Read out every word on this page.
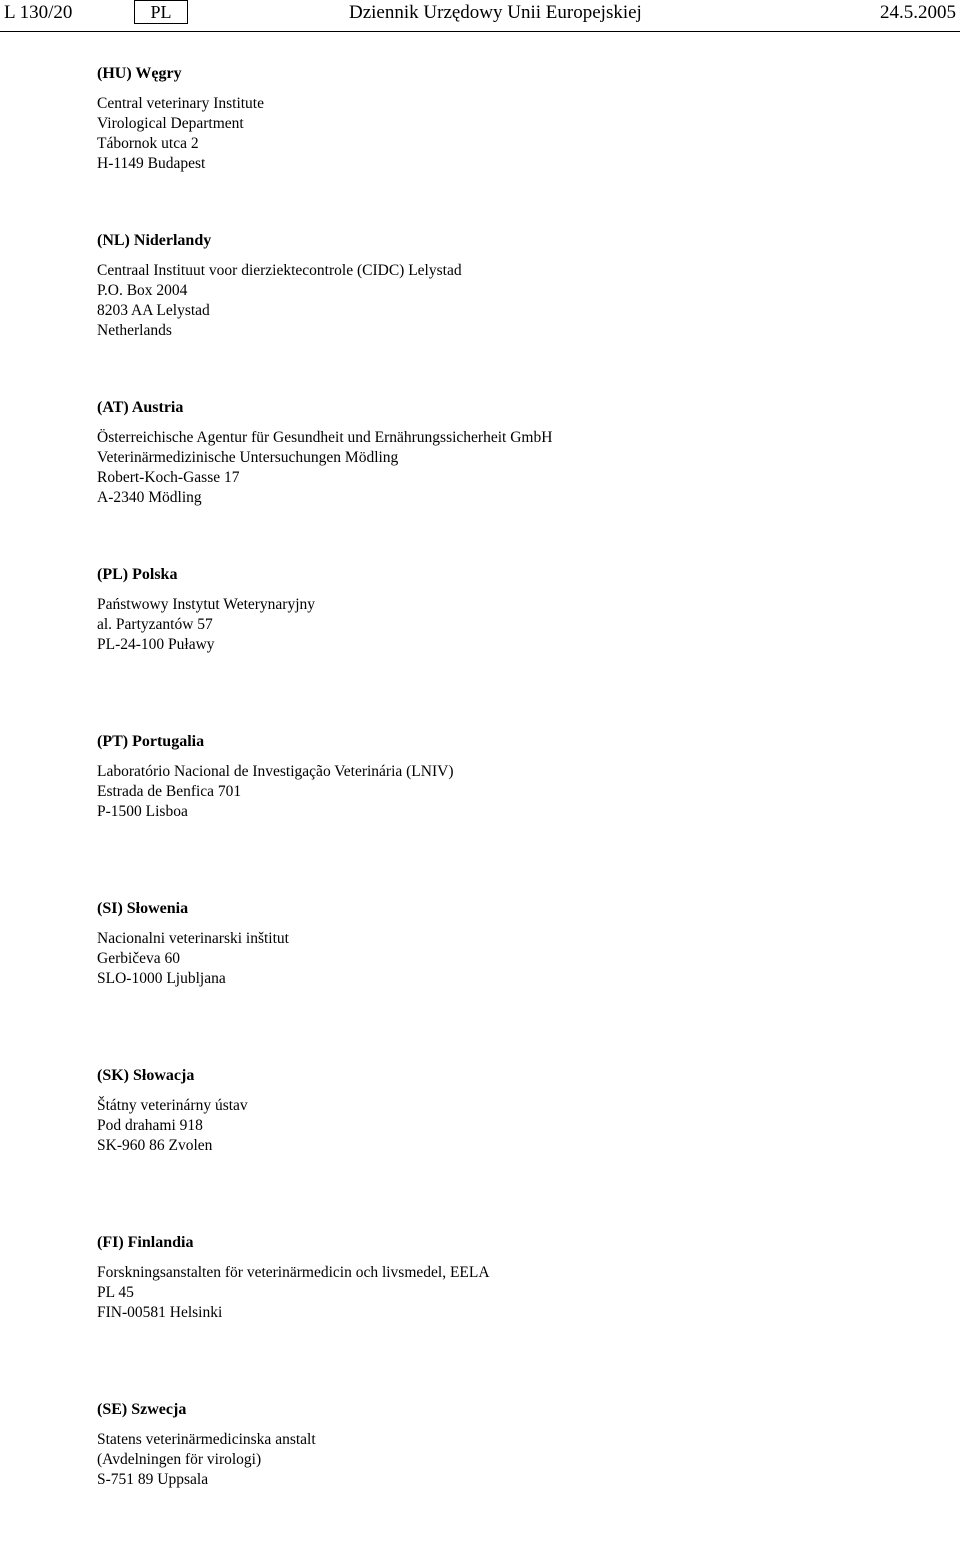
L 130/20	PL	Dziennik Urzędowy Unii Europejskiej	24.5.2005
(HU) Węgry
Central veterinary Institute
Virological Department
Tábornok utca 2
H-1149 Budapest
(NL) Niderlandy
Centraal Instituut voor dierziektecontrole (CIDC) Lelystad
P.O. Box 2004
8203 AA Lelystad
Netherlands
(AT) Austria
Österreichische Agentur für Gesundheit und Ernährungssicherheit GmbH
Veterinärmedizinische Untersuchungen Mödling
Robert-Koch-Gasse 17
A-2340 Mödling
(PL) Polska
Państwowy Instytut Weterynaryjny
al. Partyzantów 57
PL-24-100 Puławy
(PT) Portugalia
Laboratório Nacional de Investigação Veterinária (LNIV)
Estrada de Benfica 701
P-1500 Lisboa
(SI) Słowenia
Nacionalni veterinarski inštitut
Gerbičeva 60
SLO-1000 Ljubljana
(SK) Słowacja
Štátny veterinárny ústav
Pod drahami 918
SK-960 86 Zvolen
(FI) Finlandia
Forskningsanstalten för veterinärmedicin och livsmedel, EELA
PL 45
FIN-00581 Helsinki
(SE) Szwecja
Statens veterinärmedicinska anstalt
(Avdelningen för virologi)
S-751 89 Uppsala
